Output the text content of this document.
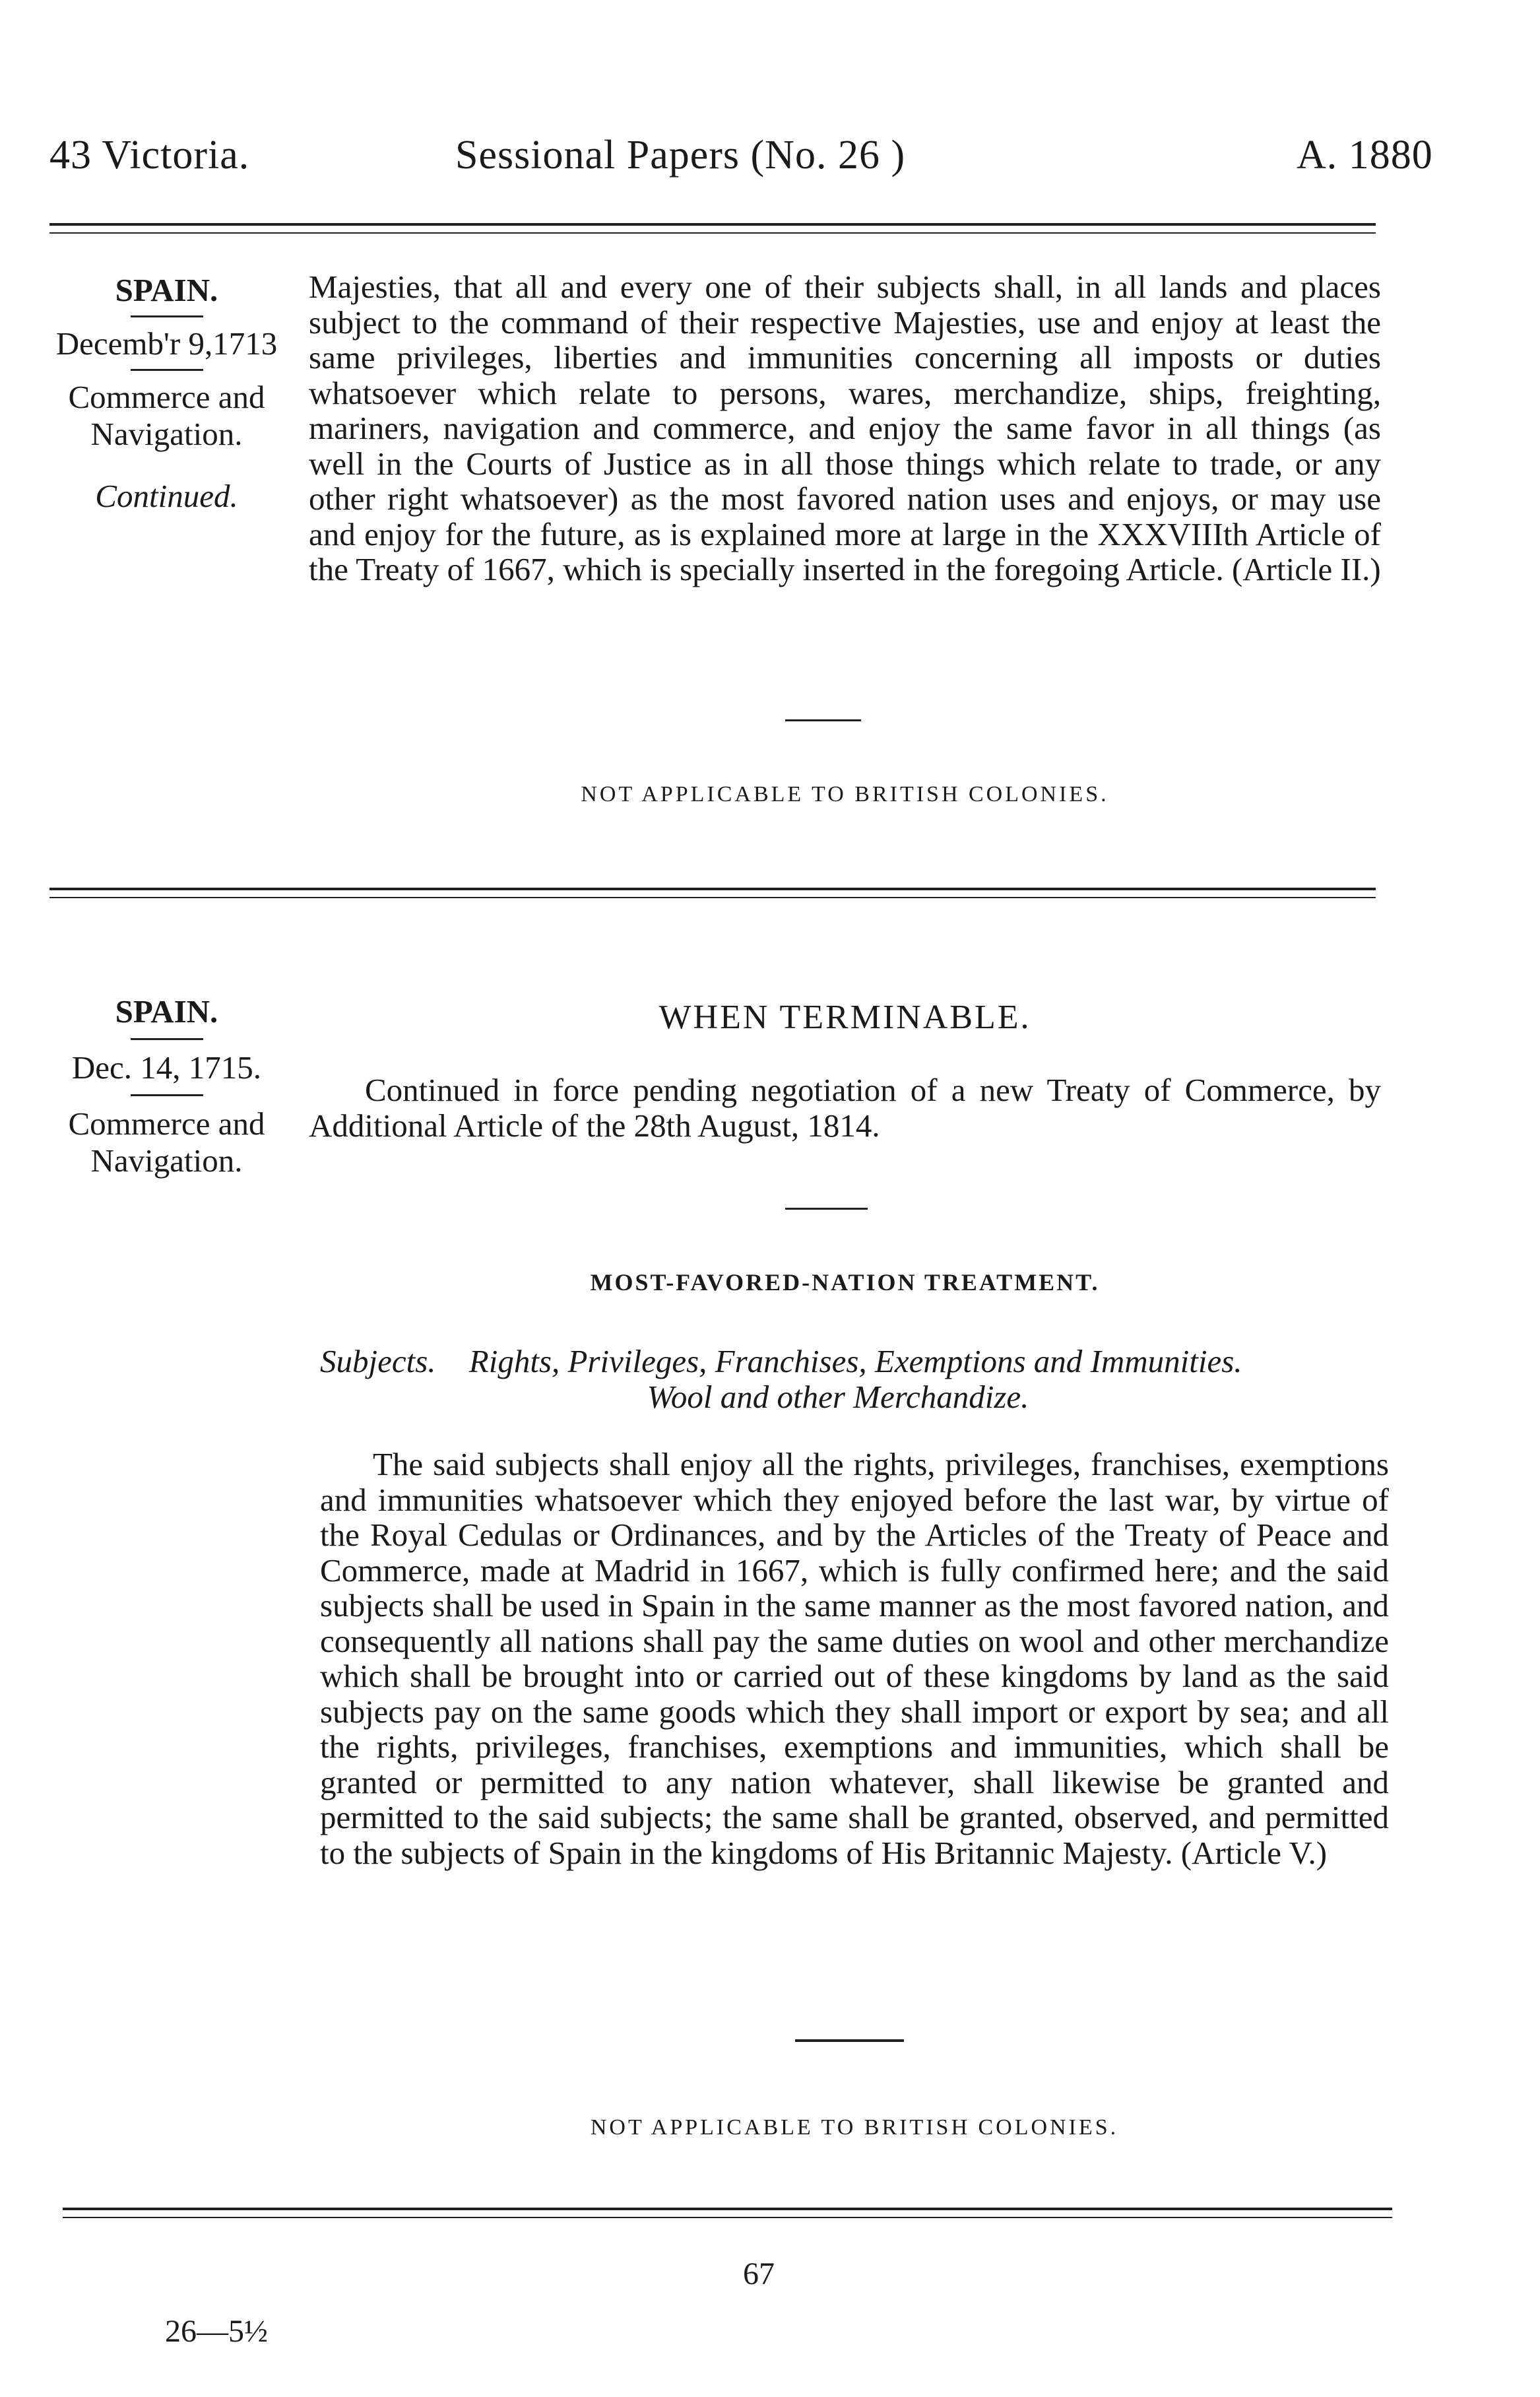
43 Victoria.	Sessional Papers (No. 26 )	A. 1880
SPAIN.
Decemb'r 9,1713
Commerce and Navigation.
Continued.

Majesties, that all and every one of their subjects shall, in all lands and places subject to the command of their respective Majesties, use and enjoy at least the same privileges, liberties and immunities concerning all imposts or duties whatsoever which relate to persons, wares, merchandize, ships, freighting, mariners, navigation and commerce, and enjoy the same favor in all things (as well in the Courts of Justice as in all those things which relate to trade, or any other right whatsoever) as the most favored nation uses and enjoys, or may use and enjoy for the future, as is explained more at large in the XXXVIIIth Article of the Treaty of 1667, which is specially inserted in the foregoing Article. (Article II.)

NOT APPLICABLE TO BRITISH COLONIES.
SPAIN.
Dec. 14, 1715.
Commerce and Navigation.
WHEN TERMINABLE.

Continued in force pending negotiation of a new Treaty of Commerce, by Additional Article of the 28th August, 1814.

MOST-FAVORED-NATION TREATMENT.
Subjects. Rights, Privileges, Franchises, Exemptions and Immunities.
Wool and other Merchandize.

The said subjects shall enjoy all the rights, privileges, franchises, exemptions and immunities whatsoever which they enjoyed before the last war, by virtue of the Royal Cedulas or Ordinances, and by the Articles of the Treaty of Peace and Commerce, made at Madrid in 1667, which is fully confirmed here; and the said subjects shall be used in Spain in the same manner as the most favored nation, and consequently all nations shall pay the same duties on wool and other merchandize which shall be brought into or carried out of these kingdoms by land as the said subjects pay on the same goods which they shall import or export by sea; and all the rights, privileges, franchises, exemptions and immunities, which shall be granted or permitted to any nation whatever, shall likewise be granted and permitted to the said subjects; the same shall be granted, observed, and permitted to the subjects of Spain in the kingdoms of His Britannic Majesty. (Article V.)

NOT APPLICABLE TO BRITISH COLONIES.
67
26—5½
